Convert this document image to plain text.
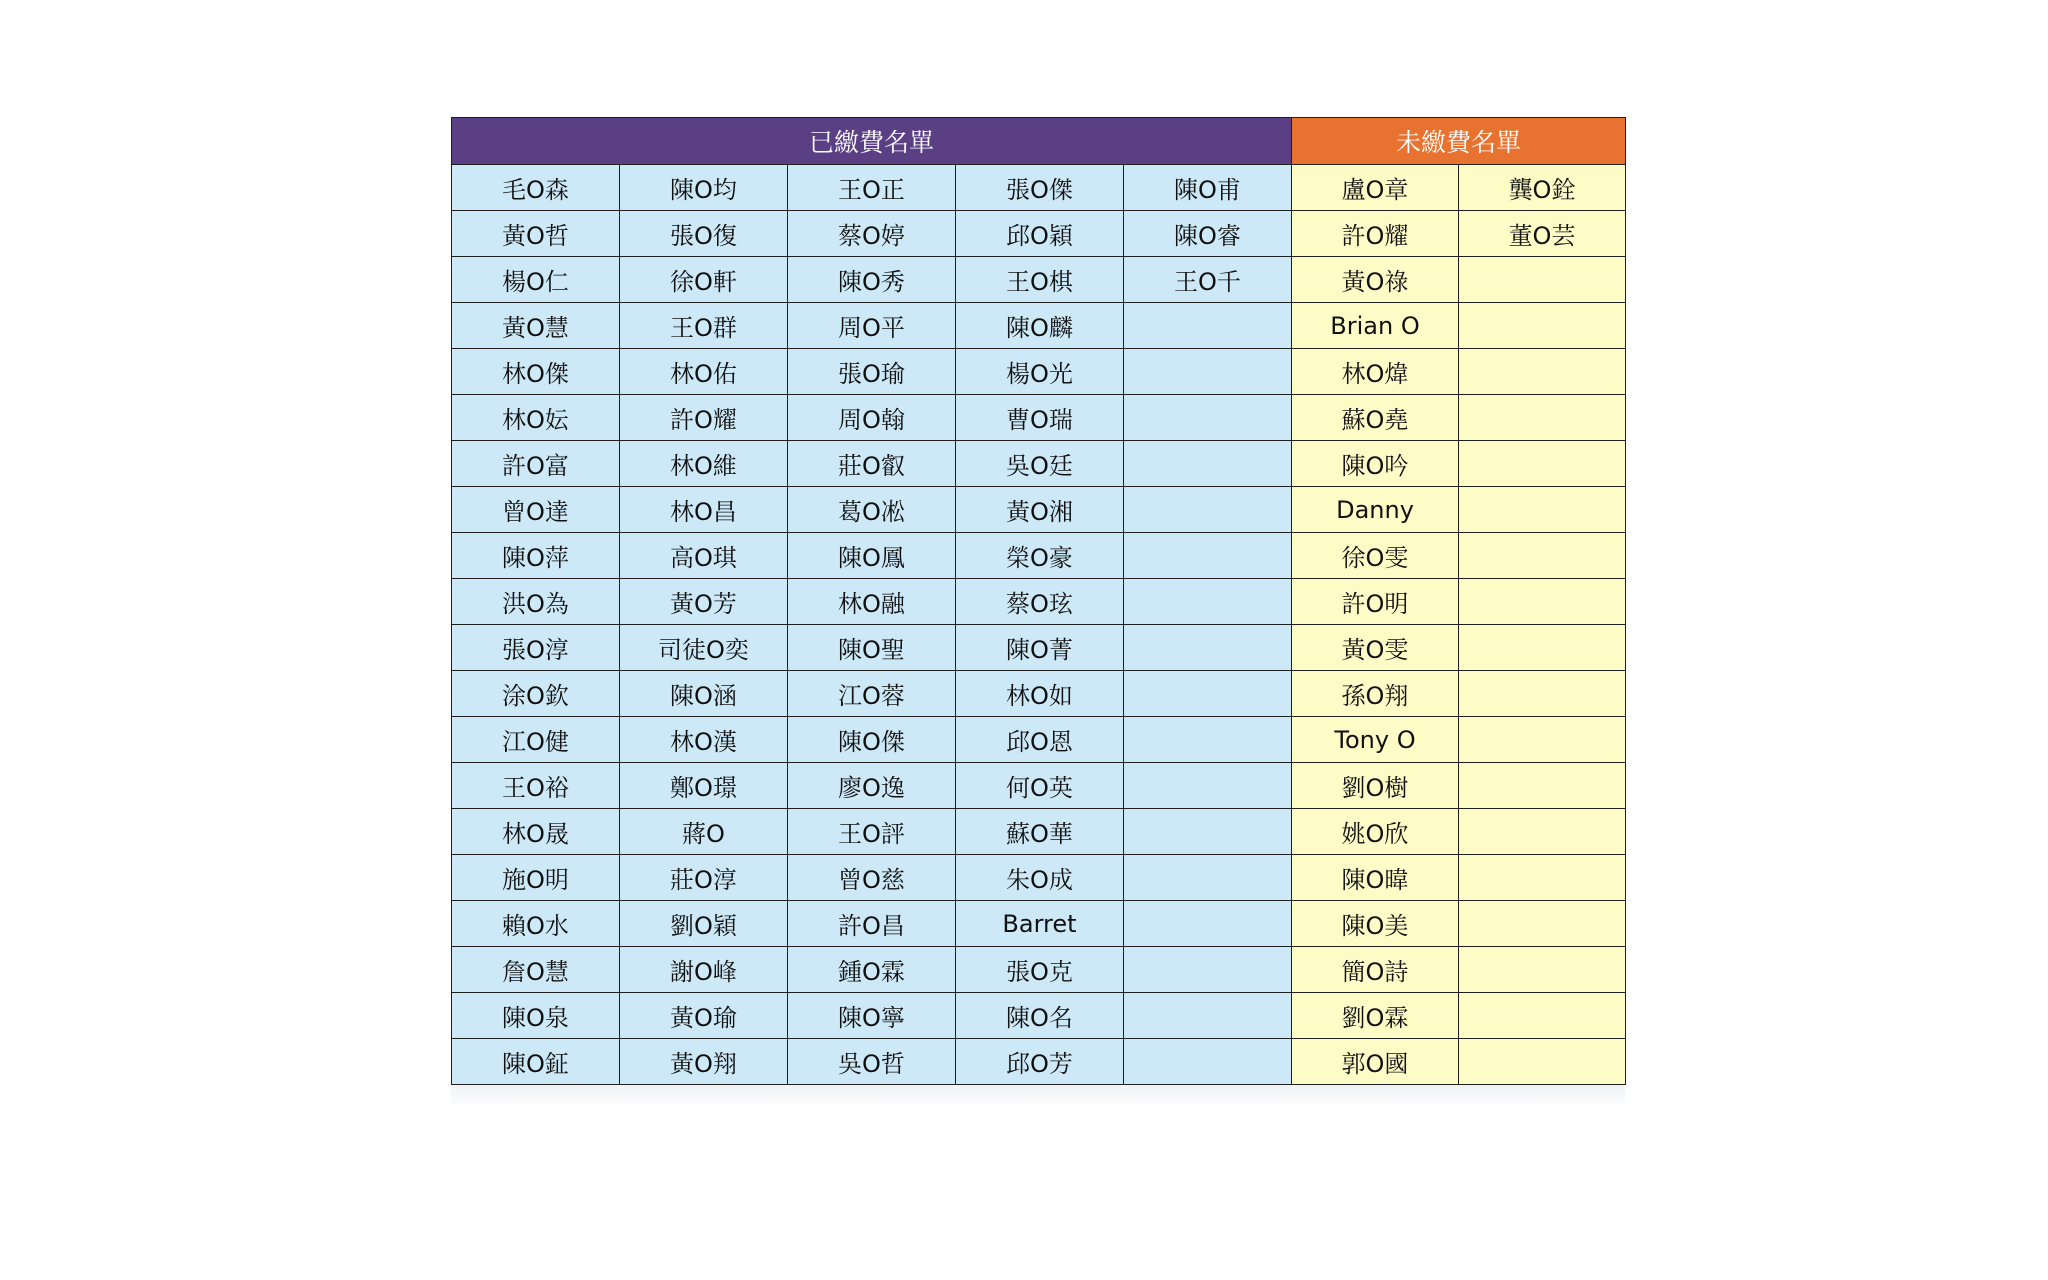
已繳費名單					未繳費名單	
毛O森	陳O均	王O正	張O傑	陳O甫	盧O章	龔O銓
黃O哲	張O復	蔡O婷	邱O穎	陳O睿	許O耀	董O芸
楊O仁	徐O軒	陳O秀	王O棋	王O千	黃O祿	
黃O慧	王O群	周O平	陳O麟		Brian O	
林O傑	林O佑	張O瑜	楊O光		林O煒	
林O妘	許O耀	周O翰	曹O瑞		蘇O堯	
許O富	林O維	莊O叡	吳O廷		陳O吟	
曾O達	林O昌	葛O凇	黃O湘		Danny	
陳O萍	高O琪	陳O鳳	榮O豪		徐O雯	
洪O為	黃O芳	林O融	蔡O玹		許O明	
張O淳	司徒O奕	陳O聖	陳O菁		黃O雯	
涂O欽	陳O涵	江O蓉	林O如		孫O翔	
江O健	林O漢	陳O傑	邱O恩		Tony O	
王O裕	鄭O璟	廖O逸	何O英		劉O樹	
林O晟	蔣O	王O評	蘇O華		姚O欣	
施O明	莊O淳	曾O慈	朱O成		陳O暐	
賴O水	劉O穎	許O昌	Barret		陳O美	
詹O慧	謝O峰	鍾O霖	張O克		簡O詩	
陳O泉	黃O瑜	陳O寧	陳O名		劉O霖	
陳O鉦	黃O翔	吳O哲	邱O芳		郭O國	
